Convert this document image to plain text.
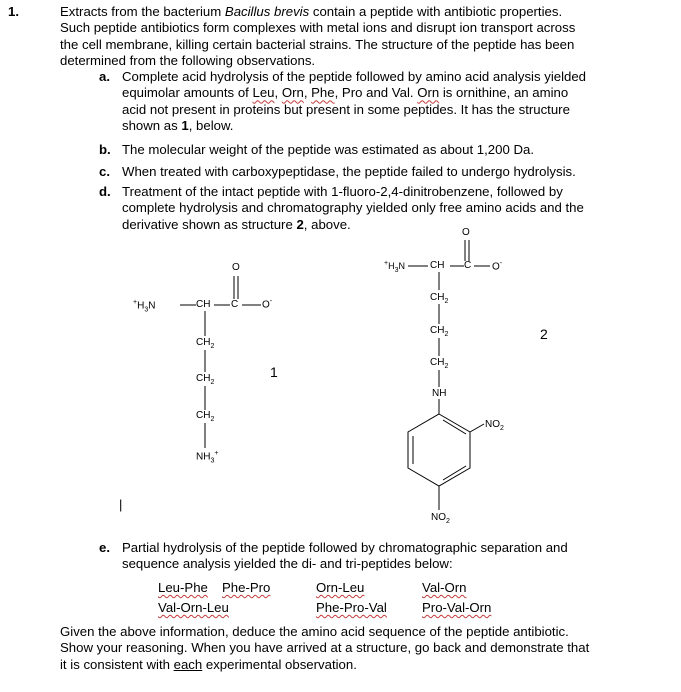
1.	Extracts from the bacterium Bacillus brevis contain a peptide with antibiotic properties.
Such peptide antibiotics form complexes with metal ions and disrupt ion transport across
the cell membrane, killing certain bacterial strains. The structure of the peptide has been
determined from the following observations.
a. Complete acid hydrolysis of the peptide followed by amino acid analysis yielded
equimolar amounts of Leu, Orn, Phe, Pro and Val. Orn is ornithine, an amino
acid not present in proteins but present in some peptides. It has the structure
shown as 1, below.
b. The molecular weight of the peptide was estimated as about 1,200 Da.
c. When treated with carboxypeptidase, the peptide failed to undergo hydrolysis.
d. Treatment of the intact peptide with 1-fluoro-2,4-dinitrobenzene, followed by
complete hydrolysis and chromatography yielded only free amino acids and the
derivative shown as structure 2, above.
O
$^+H_3N$	CH C O-
$CH_2$
$CH_2$
$CH_2$
$NH_3^+$
1
O
$^+H_3N$	CH C O-
$CH_2$
$CH_2$
$CH_2$
NH
$NO_2$
$NO_2$
2
|
e. Partial hydrolysis of the peptide followed by chromatographic separation and
sequence analysis yielded the di- and tri-peptides below:
Leu-Phe Phe-Pro	Orn-Leu	Val-Orn
Val-Orn-Leu	Phe-Pro-Val	Pro-Val-Orn
Given the above information, deduce the amino acid sequence of the peptide antibiotic.
Show your reasoning. When you have arrived at a structure, go back and demonstrate that
it is consistent with each experimental observation.
